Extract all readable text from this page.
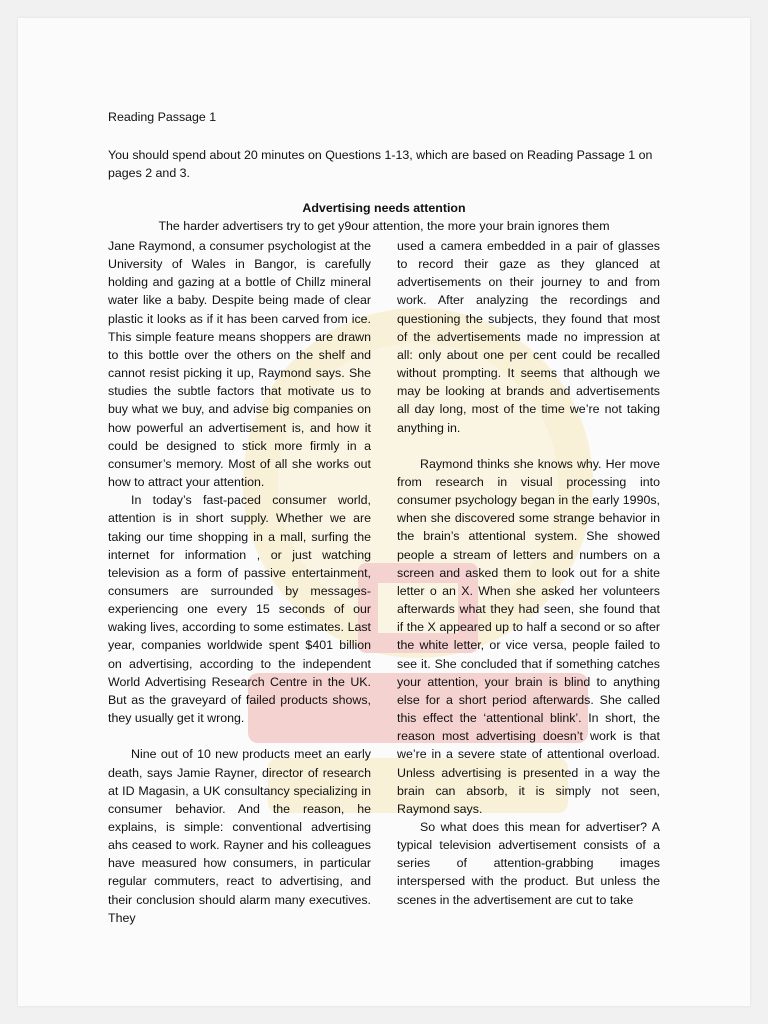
Reading Passage 1
You should spend about 20 minutes on Questions 1-13, which are based on Reading Passage 1 on pages 2 and 3.
Advertising needs attention
The harder advertisers try to get y9our attention, the more your brain ignores them

Jane Raymond, a consumer psychologist at the University of Wales in Bangor, is carefully holding and gazing at a bottle of Chillz mineral water like a baby. Despite being made of clear plastic it looks as if it has been carved from ice. This simple feature means shoppers are drawn to this bottle over the others on the shelf and cannot resist picking it up, Raymond says. She studies the subtle factors that motivate us to buy what we buy, and advise big companies on how powerful an advertisement is, and how it could be designed to stick more firmly in a consumer’s memory. Most of all she works out how to attract your attention.

In today’s fast-paced consumer world, attention is in short supply. Whether we are taking our time shopping in a mall, surfing the internet for information , or just watching television as a form of passive entertainment, consumers are surrounded by messages-experiencing one every 15 seconds of our waking lives, according to some estimates. Last year, companies worldwide spent $401 billion on advertising, according to the independent World Advertising Research Centre in the UK. But as the graveyard of failed products shows, they usually get it wrong.

Nine out of 10 new products meet an early death, says Jamie Rayner, director of research at ID Magasin, a UK consultancy specializing in consumer behavior. And the reason, he explains, is simple: conventional advertising ahs ceased to work. Rayner and his colleagues have measured how consumers, in particular regular commuters, react to advertising, and their conclusion should alarm many executives. They

used a camera embedded in a pair of glasses to record their gaze as they glanced at advertisements on their journey to and from work. After analyzing the recordings and questioning the subjects, they found that most of the advertisements made no impression at all: only about one per cent could be recalled without prompting. It seems that although we may be looking at brands and advertisements all day long, most of the time we’re not taking anything in.

Raymond thinks she knows why. Her move from research in visual processing into consumer psychology began in the early 1990s, when she discovered some strange behavior in the brain’s attentional system. She showed people a stream of letters and numbers on a screen and asked them to look out for a shite letter o an X. When she asked her volunteers afterwards what they had seen, she found that if the X appeared up to half a second or so after the white letter, or vice versa, people failed to see it. She concluded that if something catches your attention, your brain is blind to anything else for a short period afterwards. She called this effect the ‘attentional blink’. In short, the reason most advertising doesn’t work is that we’re in a severe state of attentional overload. Unless advertising is presented in a way the brain can absorb, it is simply not seen, Raymond says.

So what does this mean for advertiser? A typical television advertisement consists of a series of attention-grabbing images interspersed with the product. But unless the scenes in the advertisement are cut to take
